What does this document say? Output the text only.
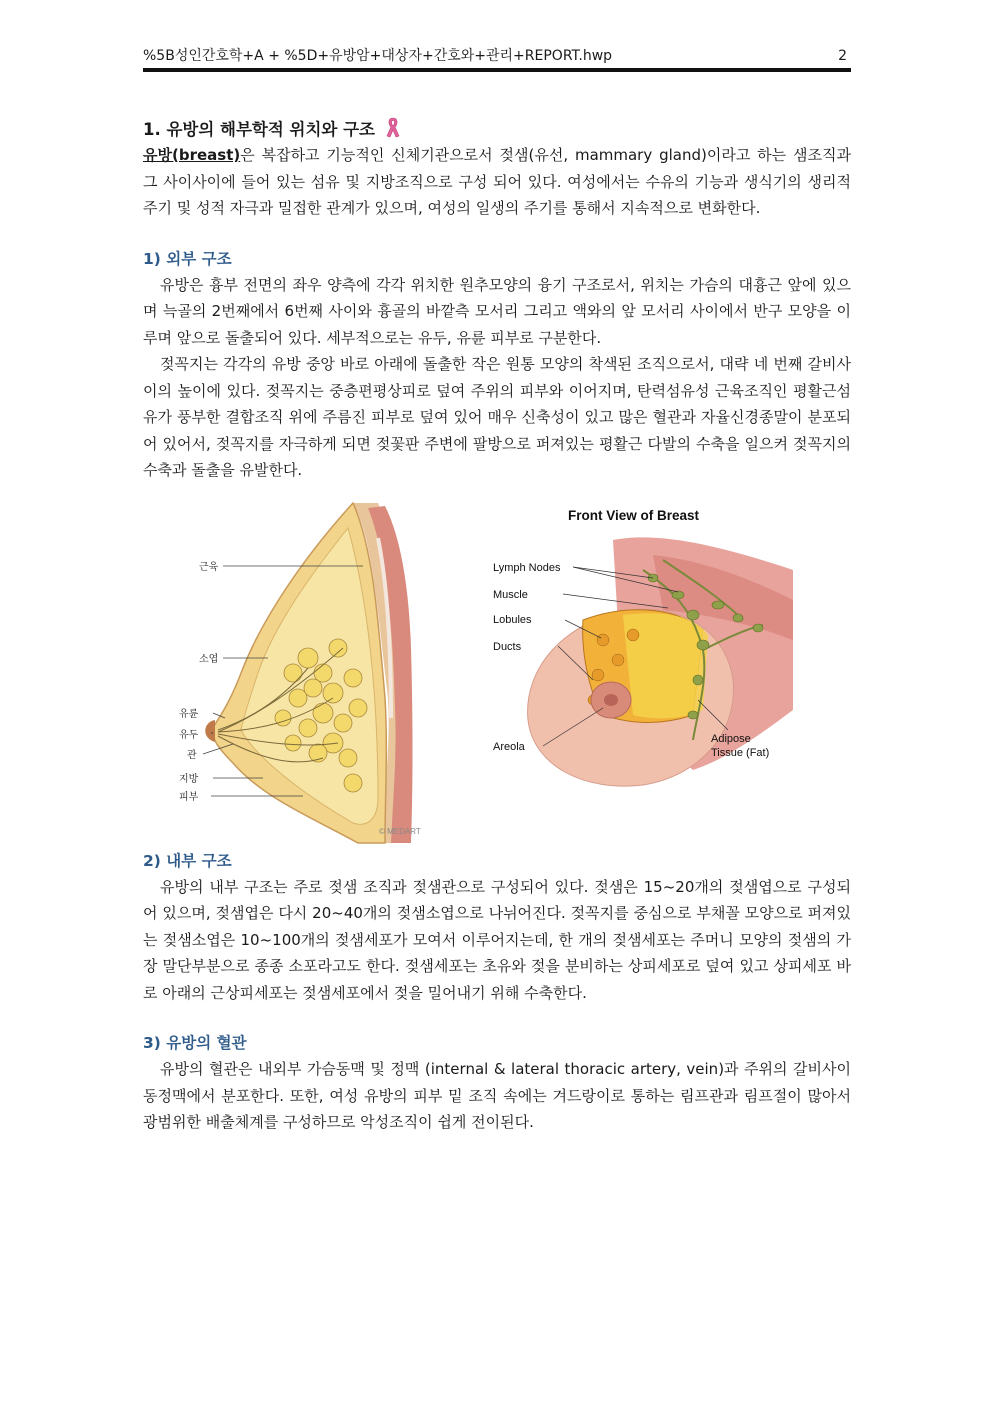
%5B성인간호학+A + %5D+유방암+대상자+간호와+관리+REPORT.hwp	2
1. 유방의 해부학적 위치와 구조

유방(breast)은 복잡하고 기능적인 신체기관으로서 젖샘(유선, mammary gland)이라고 하는 샘조직과 그 사이사이에 들어 있는 섬유 및 지방조직으로 구성 되어 있다. 여성에서는 수유의 기능과 생식기의 생리적 주기 및 성적 자극과 밀접한 관계가 있으며, 여성의 일생의 주기를 통해서 지속적으로 변화한다.

1) 외부 구조

유방은 흉부 전면의 좌우 양측에 각각 위치한 원추모양의 융기 구조로서, 위치는 가슴의 대흉근 앞에 있으며 늑골의 2번째에서 6번째 사이와 흉골의 바깥측 모서리 그리고 액와의 앞 모서리 사이에서 반구 모양을 이루며 앞으로 돌출되어 있다. 세부적으로는 유두, 유륜 피부로 구분한다.

젖꼭지는 각각의 유방 중앙 바로 아래에 돌출한 작은 원통 모양의 착색된 조직으로서, 대략 네 번째 갈비사이의 높이에 있다. 젖꼭지는 중층편평상피로 덮여 주위의 피부와 이어지며, 탄력섬유성 근육조직인 평활근섬유가 풍부한 결합조직 위에 주름진 피부로 덮여 있어 매우 신축성이 있고 많은 혈관과 자율신경종말이 분포되어 있어서, 젖꼭지를 자극하게 되면 젖꽃판 주변에 팔방으로 퍼져있는 평활근 다발의 수축을 일으켜 젖꼭지의 수축과 돌출을 유발한다.

근육
소엽
유륜
유두
관
지방
피부
© MEDART
Front View of Breast
Lymph Nodes
Muscle
Lobules
Ducts
Areola
Adipose
Tissue (Fat)
2) 내부 구조

유방의 내부 구조는 주로 젖샘 조직과 젖샘관으로 구성되어 있다. 젖샘은 15~20개의 젖샘엽으로 구성되어 있으며, 젖샘엽은 다시 20~40개의 젖샘소엽으로 나뉘어진다. 젖꼭지를 중심으로 부채꼴 모양으로 퍼져있는 젖샘소엽은 10~100개의 젖샘세포가 모여서 이루어지는데, 한 개의 젖샘세포는 주머니 모양의 젖샘의 가장 말단부분으로 종종 소포라고도 한다. 젖샘세포는 초유와 젖을 분비하는 상피세포로 덮여 있고 상피세포 바로 아래의 근상피세포는 젖샘세포에서 젖을 밀어내기 위해 수축한다.

3) 유방의 혈관

유방의 혈관은 내외부 가슴동맥 및 정맥 (internal & lateral thoracic artery, vein)과 주위의 갈비사이 동정맥에서 분포한다. 또한, 여성 유방의 피부 밑 조직 속에는 겨드랑이로 통하는 림프관과 림프절이 많아서 광범위한 배출체계를 구성하므로 악성조직이 쉽게 전이된다.
